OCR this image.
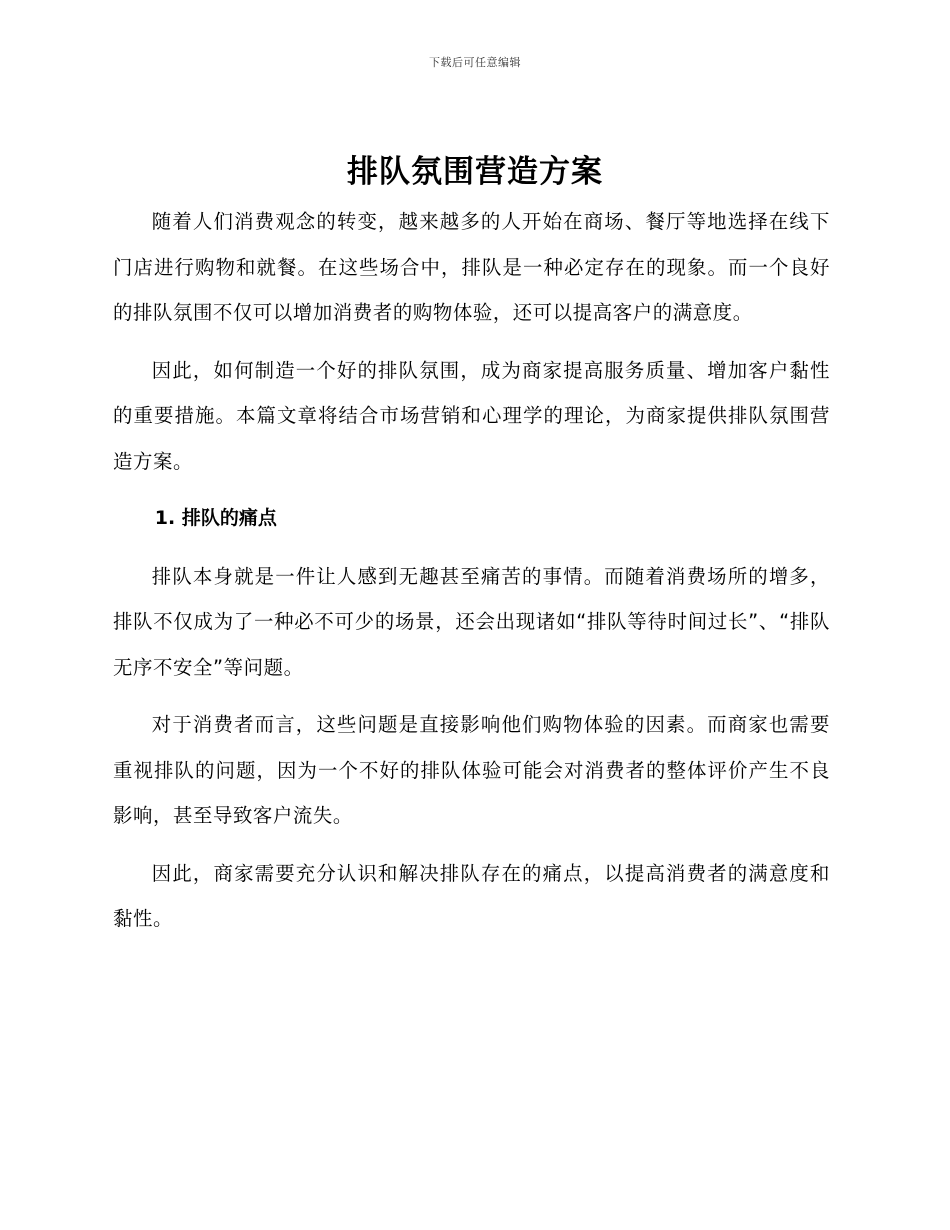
下载后可任意编辑
排队氛围营造方案

随着人们消费观念的转变，越来越多的人开始在商场、餐厅等地选择在线下门店进行购物和就餐。在这些场合中，排队是一种必定存在的现象。而一个良好的排队氛围不仅可以增加消费者的购物体验，还可以提高客户的满意度。

因此，如何制造一个好的排队氛围，成为商家提高服务质量、增加客户黏性的重要措施。本篇文章将结合市场营销和心理学的理论，为商家提供排队氛围营造方案。

1. 排队的痛点

排队本身就是一件让人感到无趣甚至痛苦的事情。而随着消费场所的增多，排队不仅成为了一种必不可少的场景，还会出现诸如“排队等待时间过长”、“排队无序不安全”等问题。

对于消费者而言，这些问题是直接影响他们购物体验的因素。而商家也需要重视排队的问题，因为一个不好的排队体验可能会对消费者的整体评价产生不良影响，甚至导致客户流失。

因此，商家需要充分认识和解决排队存在的痛点，以提高消费者的满意度和黏性。
